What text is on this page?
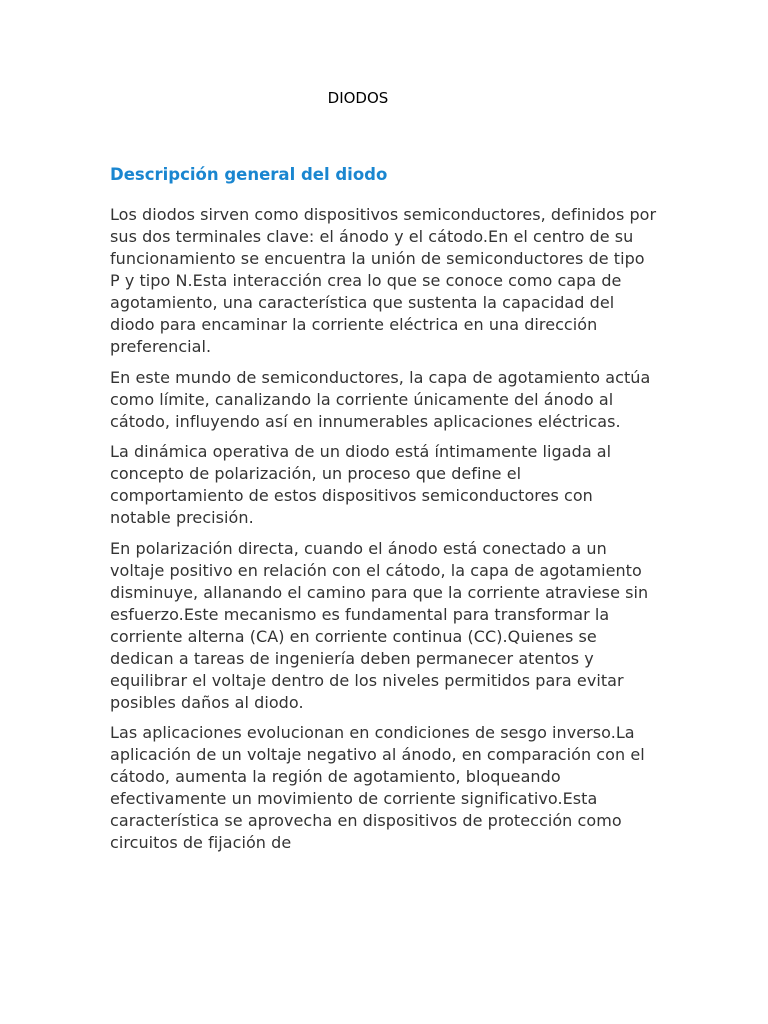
DIODOS
Descripción general del diodo

Los diodos sirven como dispositivos semiconductores, definidos por sus dos terminales clave: el ánodo y el cátodo.En el centro de su funcionamiento se encuentra la unión de semiconductores de tipo P y tipo N.Esta interacción crea lo que se conoce como capa de agotamiento, una característica que sustenta la capacidad del diodo para encaminar la corriente eléctrica en una dirección preferencial.

En este mundo de semiconductores, la capa de agotamiento actúa como límite, canalizando la corriente únicamente del ánodo al cátodo, influyendo así en innumerables aplicaciones eléctricas.

La dinámica operativa de un diodo está íntimamente ligada al concepto de polarización, un proceso que define el comportamiento de estos dispositivos semiconductores con notable precisión.

En polarización directa, cuando el ánodo está conectado a un voltaje positivo en relación con el cátodo, la capa de agotamiento disminuye, allanando el camino para que la corriente atraviese sin esfuerzo.Este mecanismo es fundamental para transformar la corriente alterna (CA) en corriente continua (CC).Quienes se dedican a tareas de ingeniería deben permanecer atentos y equilibrar el voltaje dentro de los niveles permitidos para evitar posibles daños al diodo.

Las aplicaciones evolucionan en condiciones de sesgo inverso.La aplicación de un voltaje negativo al ánodo, en comparación con el cátodo, aumenta la región de agotamiento, bloqueando efectivamente un movimiento de corriente significativo.Esta característica se aprovecha en dispositivos de protección como circuitos de fijación de
